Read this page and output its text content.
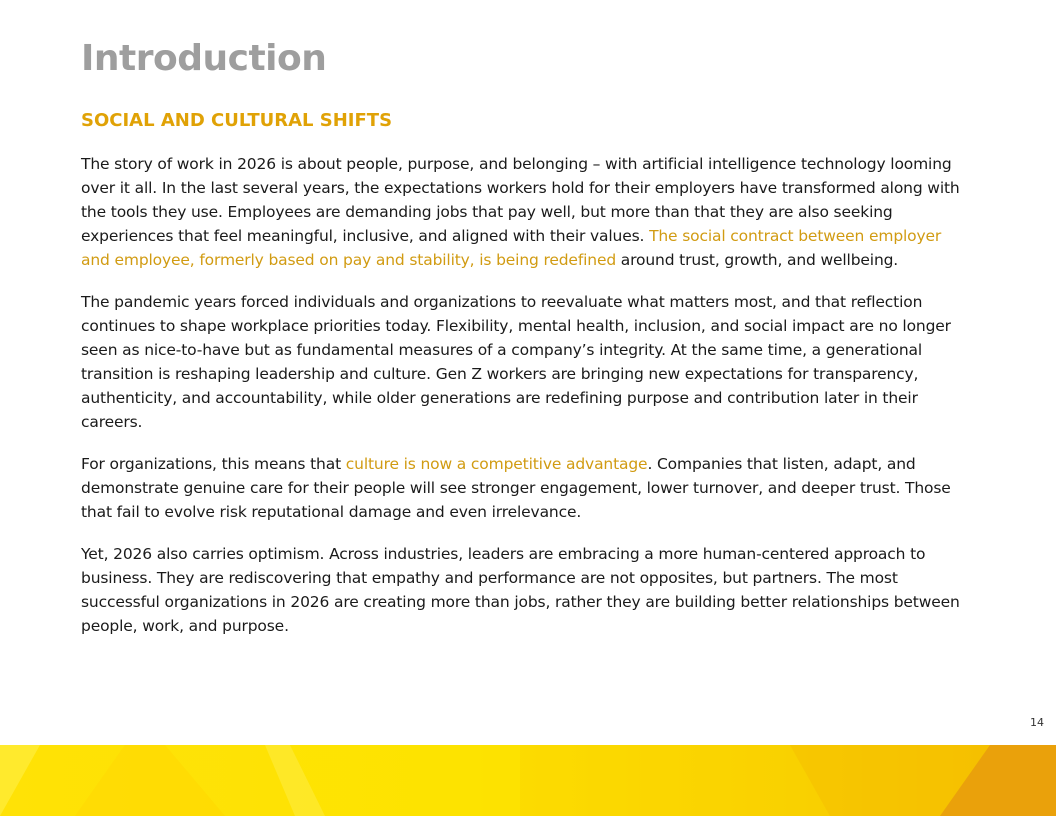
Introduction
SOCIAL AND CULTURAL SHIFTS

The story of work in 2026 is about people, purpose, and belonging – with artificial intelligence technology looming over it all. In the last several years, the expectations workers hold for their employers have transformed along with the tools they use. Employees are demanding jobs that pay well, but more than that they are also seeking experiences that feel meaningful, inclusive, and aligned with their values. The social contract between employer and employee, formerly based on pay and stability, is being redefined around trust, growth, and wellbeing.

The pandemic years forced individuals and organizations to reevaluate what matters most, and that reflection continues to shape workplace priorities today. Flexibility, mental health, inclusion, and social impact are no longer seen as nice-to-have but as fundamental measures of a company’s integrity. At the same time, a generational transition is reshaping leadership and culture. Gen Z workers are bringing new expectations for transparency, authenticity, and accountability, while older generations are redefining purpose and contribution later in their careers.

For organizations, this means that culture is now a competitive advantage. Companies that listen, adapt, and demonstrate genuine care for their people will see stronger engagement, lower turnover, and deeper trust. Those that fail to evolve risk reputational damage and even irrelevance.

Yet, 2026 also carries optimism. Across industries, leaders are embracing a more human-centered approach to business. They are rediscovering that empathy and performance are not opposites, but partners. The most successful organizations in 2026 are creating more than jobs, rather they are building better relationships between people, work, and purpose.

14
